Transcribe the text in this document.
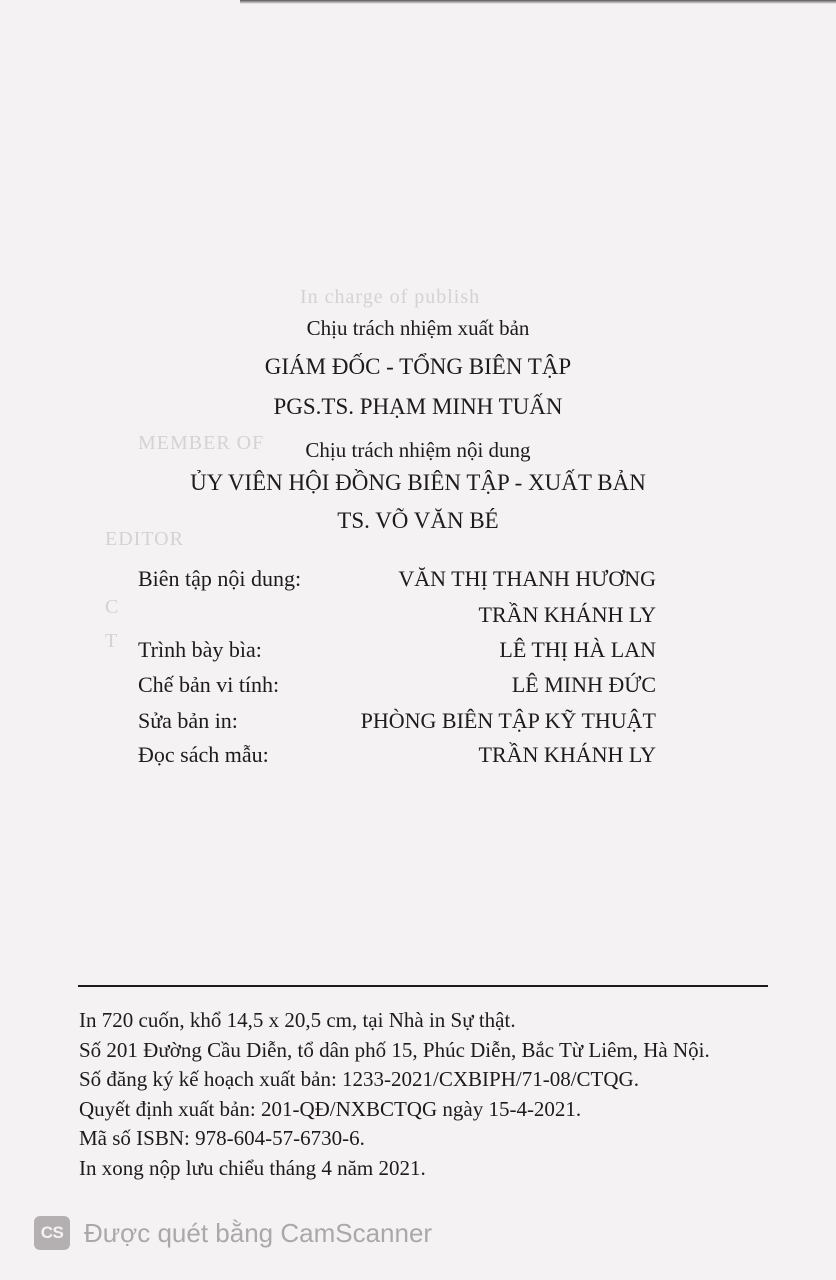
In charge of publish
MEMBER OF
EDITOR
C
T
Chịu trách nhiệm xuất bản
GIÁM ĐỐC - TỔNG BIÊN TẬP
PGS.TS. PHẠM MINH TUẤN
Chịu trách nhiệm nội dung
ỦY VIÊN HỘI ĐỒNG BIÊN TẬP - XUẤT BẢN
TS. VÕ VĂN BÉ
Biên tập nội dung:	VĂN THỊ THANH HƯƠNG
TRẦN KHÁNH LY
Trình bày bìa:	LÊ THỊ HÀ LAN
Chế bản vi tính:	LÊ MINH ĐỨC
Sửa bản in:	PHÒNG BIÊN TẬP KỸ THUẬT
Đọc sách mẫu:	TRẦN KHÁNH LY
In 720 cuốn, khổ 14,5 x 20,5 cm, tại Nhà in Sự thật.
Số 201 Đường Cầu Diễn, tổ dân phố 15, Phúc Diễn, Bắc Từ Liêm, Hà Nội.
Số đăng ký kế hoạch xuất bản: 1233-2021/CXBIPH/71-08/CTQG.
Quyết định xuất bản: 201-QĐ/NXBCTQG ngày 15-4-2021.
Mã số ISBN: 978-604-57-6730-6.
In xong nộp lưu chiểu tháng 4 năm 2021.
CS Được quét bằng CamScanner
